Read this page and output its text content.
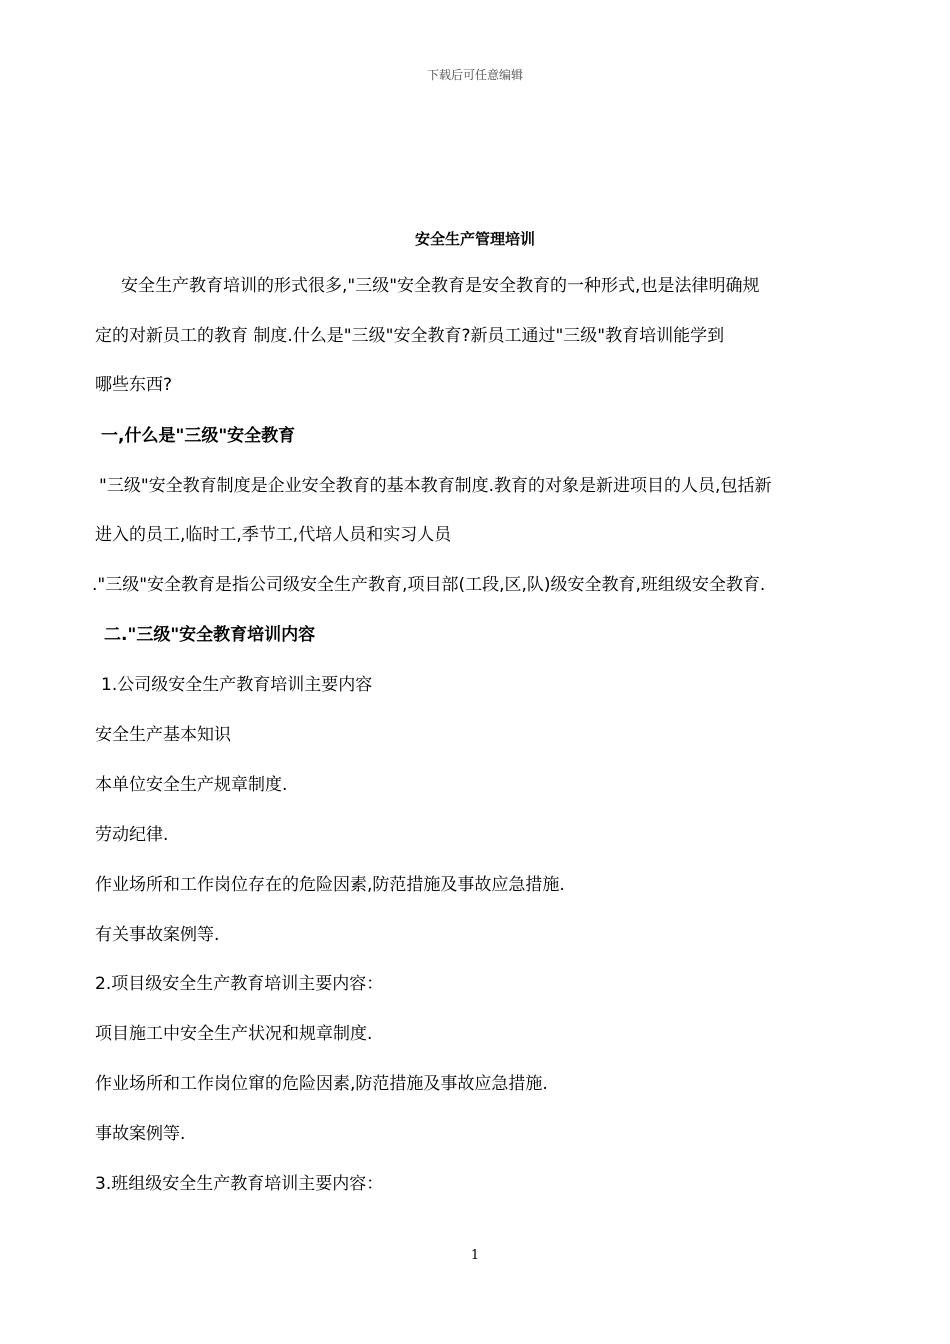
下载后可任意编辑
安全生产管理培训
安全生产教育培训的形式很多,"三级"安全教育是安全教育的一种形式,也是法律明确规
定的对新员工的教育 制度.什么是"三级"安全教育?新员工通过"三级"教育培训能学到
哪些东西?
一,什么是"三级"安全教育
"三级"安全教育制度是企业安全教育的基本教育制度.教育的对象是新进项目的人员,包括新
进入的员工,临时工,季节工,代培人员和实习人员
."三级"安全教育是指公司级安全生产教育,项目部(工段,区,队)级安全教育,班组级安全教育.
二."三级"安全教育培训内容
1.公司级安全生产教育培训主要内容
安全生产基本知识
本单位安全生产规章制度.
劳动纪律.
作业场所和工作岗位存在的危险因素,防范措施及事故应急措施.
有关事故案例等.
2.项目级安全生产教育培训主要内容：
项目施工中安全生产状况和规章制度.
作业场所和工作岗位窜的危险因素,防范措施及事故应急措施.
事故案例等.
3.班组级安全生产教育培训主要内容：
1
